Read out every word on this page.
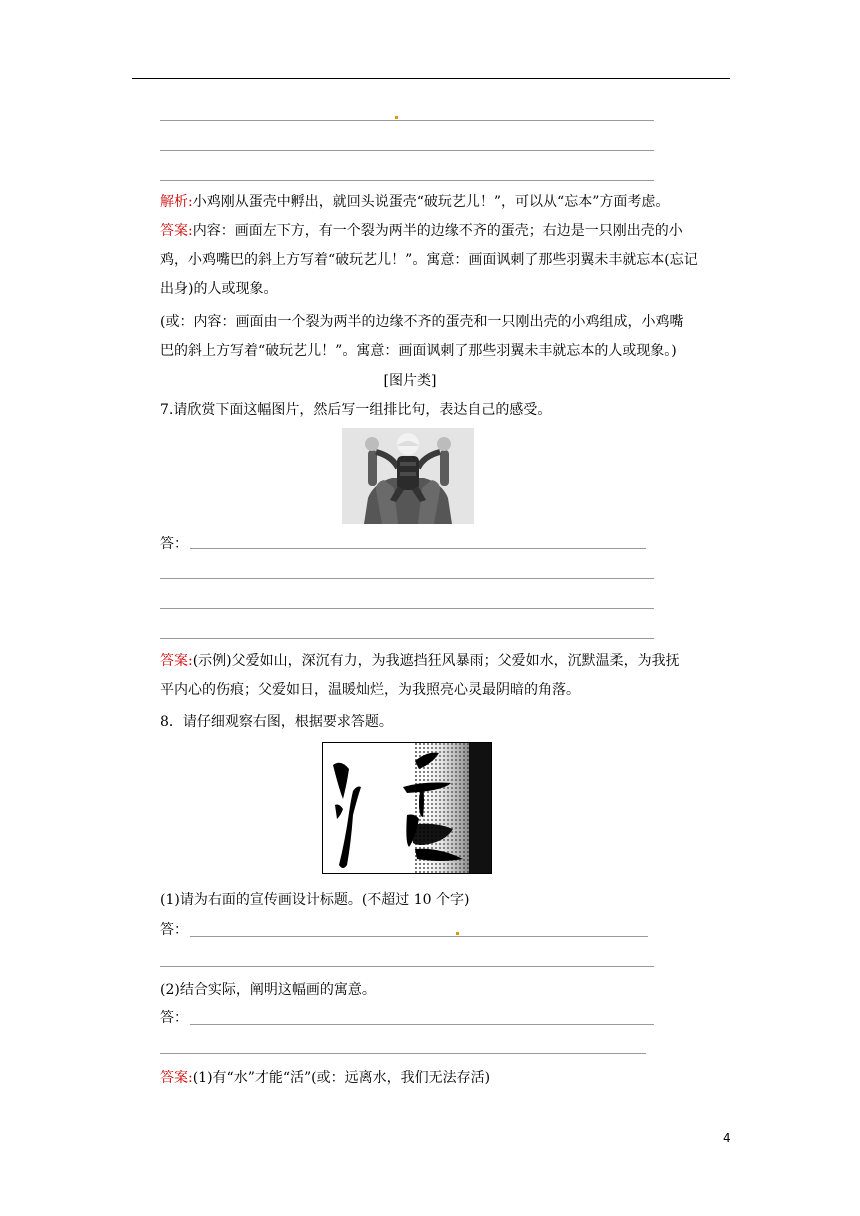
解析:小鸡刚从蛋壳中孵出，就回头说蛋壳“破玩艺儿！”，可以从“忘本”方面考虑。
答案:内容：画面左下方，有一个裂为两半的边缘不齐的蛋壳；右边是一只刚出壳的小
鸡，小鸡嘴巴的斜上方写着“破玩艺儿！”。寓意：画面讽刺了那些羽翼未丰就忘本(忘记
出身)的人或现象。
(或：内容：画面由一个裂为两半的边缘不齐的蛋壳和一只刚出壳的小鸡组成，小鸡嘴
巴的斜上方写着“破玩艺儿！”。寓意：画面讽刺了那些羽翼未丰就忘本的人或现象。)
[图片类]
7.请欣赏下面这幅图片，然后写一组排比句，表达自己的感受。
答：
答案:(示例)父爱如山，深沉有力，为我遮挡狂风暴雨；父爱如水，沉默温柔，为我抚
平内心的伤痕；父爱如日，温暖灿烂，为我照亮心灵最阴暗的角落。
8．请仔细观察右图，根据要求答题。
(1)请为右面的宣传画设计标题。(不超过 10 个字)
答：
(2)结合实际，阐明这幅画的寓意。
答：
答案:(1)有“水”才能“活”(或：远离水，我们无法存活)
4
